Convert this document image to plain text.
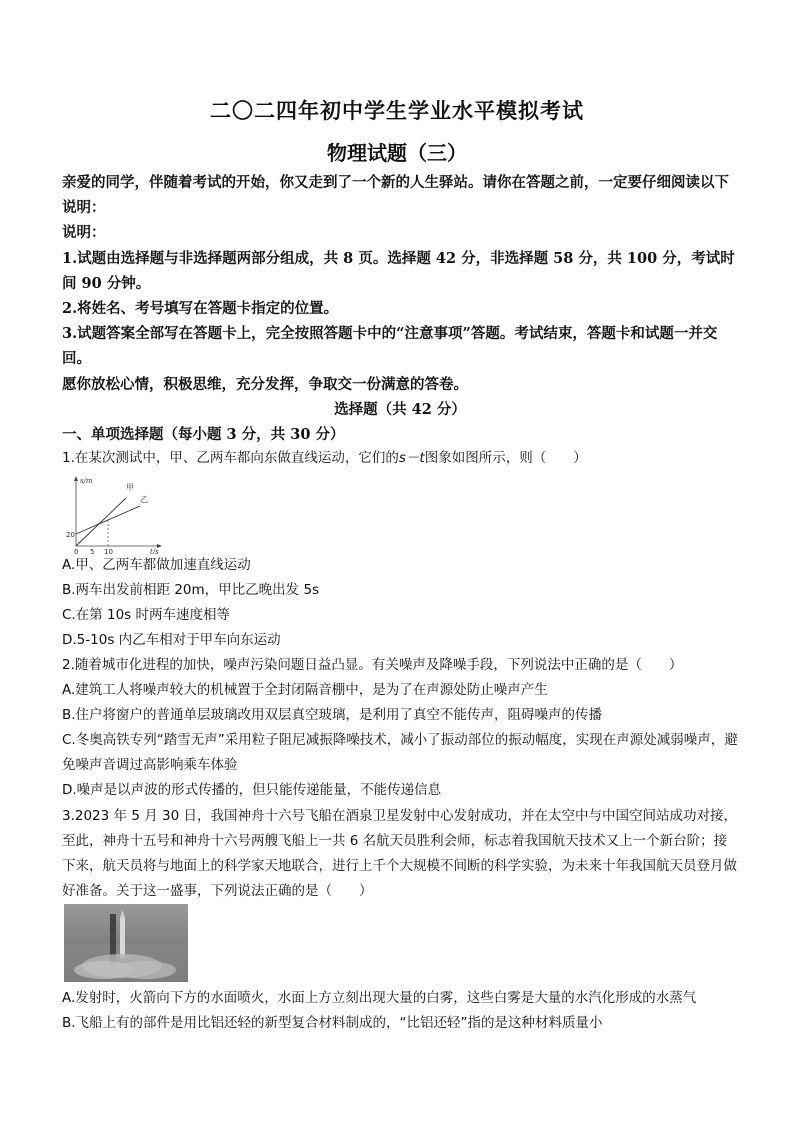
二〇二四年初中学生学业水平模拟考试
物理试题（三）

亲爱的同学，伴随着考试的开始，你又走到了一个新的人生驿站。请你在答题之前，一定要仔细阅读以下说明：

说明：

1.试题由选择题与非选择题两部分组成，共 8 页。选择题 42 分，非选择题 58 分，共 100 分，考试时间 90 分钟。

2.将姓名、考号填写在答题卡指定的位置。

3.试题答案全部写在答题卡上，完全按照答题卡中的“注意事项”答题。考试结束，答题卡和试题一并交回。

愿你放松心情，积极思维，充分发挥，争取交一份满意的答卷。

选择题（共 42 分）

一、单项选择题（每小题 3 分，共 30 分）

1.在某次测试中，甲、乙两车都向东做直线运动，它们的s－t图象如图所示，则（　　）

s/m
t/s
甲
乙
20
0 5 10

A.甲、乙两车都做加速直线运动

B.两车出发前相距 20m，甲比乙晚出发 5s

C.在第 10s 时两车速度相等

D.5-10s 内乙车相对于甲车向东运动

2.随着城市化进程的加快，噪声污染问题日益凸显。有关噪声及降噪手段，下列说法中正确的是（　　）

A.建筑工人将噪声较大的机械置于全封闭隔音棚中，是为了在声源处防止噪声产生

B.住户将窗户的普通单层玻璃改用双层真空玻璃，是利用了真空不能传声，阻碍噪声的传播

C.冬奥高铁专列“踏雪无声”采用粒子阻尼减振降噪技术，减小了振动部位的振动幅度，实现在声源处减弱噪声，避免噪声音调过高影响乘车体验

D.噪声是以声波的形式传播的，但只能传递能量，不能传递信息

3.2023 年 5 月 30 日，我国神舟十六号飞船在酒泉卫星发射中心发射成功，并在太空中与中国空间站成功对接，至此，神舟十五号和神舟十六号两艘飞船上一共 6 名航天员胜利会师，标志着我国航天技术又上一个新台阶；接下来，航天员将与地面上的科学家天地联合，进行上千个大规模不间断的科学实验，为未来十年我国航天员登月做好准备。关于这一盛事，下列说法正确的是（　　）

A.发射时，火箭向下方的水面喷火，水面上方立刻出现大量的白雾，这些白雾是大量的水汽化形成的水蒸气

B.飞船上有的部件是用比铝还轻的新型复合材料制成的，“比铝还轻”指的是这种材料质量小
